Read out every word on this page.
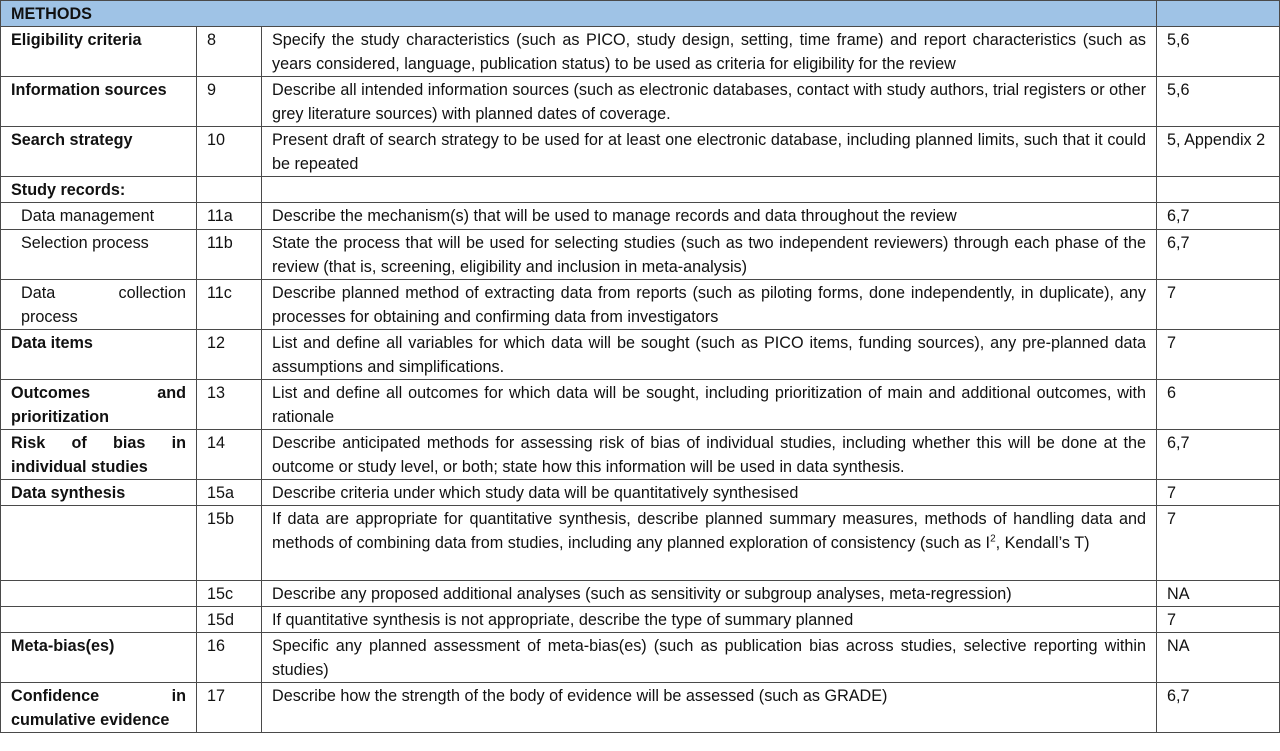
METHODS			
Eligibility criteria	8	Specify the study characteristics (such as PICO, study design, setting, time frame) and report characteristics (such as years considered, language, publication status) to be used as criteria for eligibility for the review	5,6
Information sources	9	Describe all intended information sources (such as electronic databases, contact with study authors, trial registers or other grey literature sources) with planned dates of coverage.	5,6
Search strategy	10	Present draft of search strategy to be used for at least one electronic database, including planned limits, such that it could be repeated	5, Appendix 2
Study records:			
Data management	11a	Describe the mechanism(s) that will be used to manage records and data throughout the review	6,7
Selection process	11b	State the process that will be used for selecting studies (such as two independent reviewers) through each phase of the review (that is, screening, eligibility and inclusion in meta-analysis)	6,7
Data collection process	11c	Describe planned method of extracting data from reports (such as piloting forms, done independently, in duplicate), any processes for obtaining and confirming data from investigators	7
Data items	12	List and define all variables for which data will be sought (such as PICO items, funding sources), any pre-planned data assumptions and simplifications.	7
Outcomes and prioritization	13	List and define all outcomes for which data will be sought, including prioritization of main and additional outcomes, with rationale	6
Risk of bias in individual studies	14	Describe anticipated methods for assessing risk of bias of individual studies, including whether this will be done at the outcome or study level, or both; state how this information will be used in data synthesis.	6,7
Data synthesis	15a	Describe criteria under which study data will be quantitatively synthesised	7
	15b	If data are appropriate for quantitative synthesis, describe planned summary measures, methods of handling data and methods of combining data from studies, including any planned exploration of consistency (such as $I^2$, Kendall’s T)	7
	15c	Describe any proposed additional analyses (such as sensitivity or subgroup analyses, meta-regression)	NA
	15d	If quantitative synthesis is not appropriate, describe the type of summary planned	7
Meta-bias(es)	16	Specific any planned assessment of meta-bias(es) (such as publication bias across studies, selective reporting within studies)	NA
Confidence in cumulative evidence	17	Describe how the strength of the body of evidence will be assessed (such as GRADE)	6,7
